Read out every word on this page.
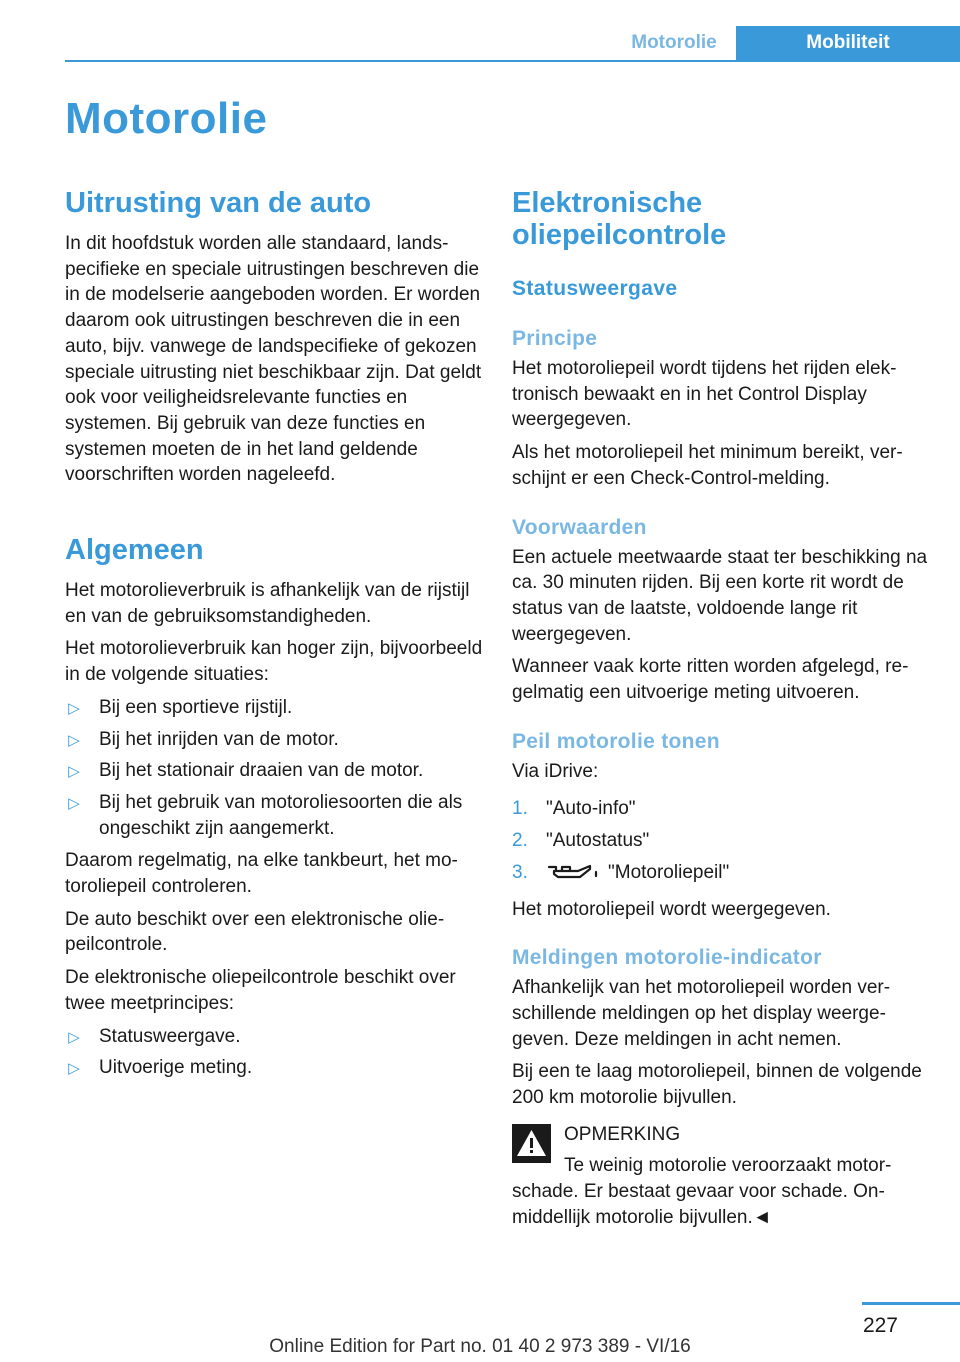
Motorolie	Mobiliteit
Motorolie
Uitrusting van de auto

In dit hoofdstuk worden alle standaard, landspecifieke en speciale uitrustingen beschreven die in de modelserie aangeboden worden. Er worden daarom ook uitrustingen beschreven die in een auto, bijv. vanwege de landspecifieke of gekozen speciale uitrusting niet beschikbaar zijn. Dat geldt ook voor veiligheidsrelevante functies en systemen. Bij gebruik van deze functies en systemen moeten de in het land geldende voorschriften worden nageleefd.

Algemeen

Het motorolieverbruik is afhankelijk van de rijstijl en van de gebruiksomstandigheden.

Het motorolieverbruik kan hoger zijn, bijvoorbeeld in de volgende situaties:

▷ Bij een sportieve rijstijl.
▷ Bij het inrijden van de motor.
▷ Bij het stationair draaien van de motor.
▷ Bij het gebruik van motoroliesoorten die als ongeschikt zijn aangemerkt.

Daarom regelmatig, na elke tankbeurt, het motoroliepeil controleren.

De auto beschikt over een elektronische oliepeilcontrole.

De elektronische oliepeilcontrole beschikt over twee meetprincipes:

▷ Statusweergave.
▷ Uitvoerige meting.
Elektronische oliepeilcontrole
Statusweergave
Principe

Het motoroliepeil wordt tijdens het rijden elektronisch bewaakt en in het Control Display weergegeven.

Als het motoroliepeil het minimum bereikt, verschijnt er een Check-Control-melding.

Voorwaarden

Een actuele meetwaarde staat ter beschikking na ca. 30 minuten rijden. Bij een korte rit wordt de status van de laatste, voldoende lange rit weergegeven.

Wanneer vaak korte ritten worden afgelegd, regelmatig een uitvoerige meting uitvoeren.

Peil motorolie tonen

Via iDrive:

1. "Auto-info"
2. "Autostatus"
3.	"Motoroliepeil"

Het motoroliepeil wordt weergegeven.

Meldingen motorolie-indicator

Afhankelijk van het motoroliepeil worden verschillende meldingen op het display weergegeven. Deze meldingen in acht nemen.

Bij een te laag motoroliepeil, binnen de volgende 200 km motorolie bijvullen.

OPMERKING

Te weinig motorolie veroorzaakt motorschade. Er bestaat gevaar voor schade. Onmiddellijk motorolie bijvullen.◄

227
Online Edition for Part no. 01 40 2 973 389 - VI/16
